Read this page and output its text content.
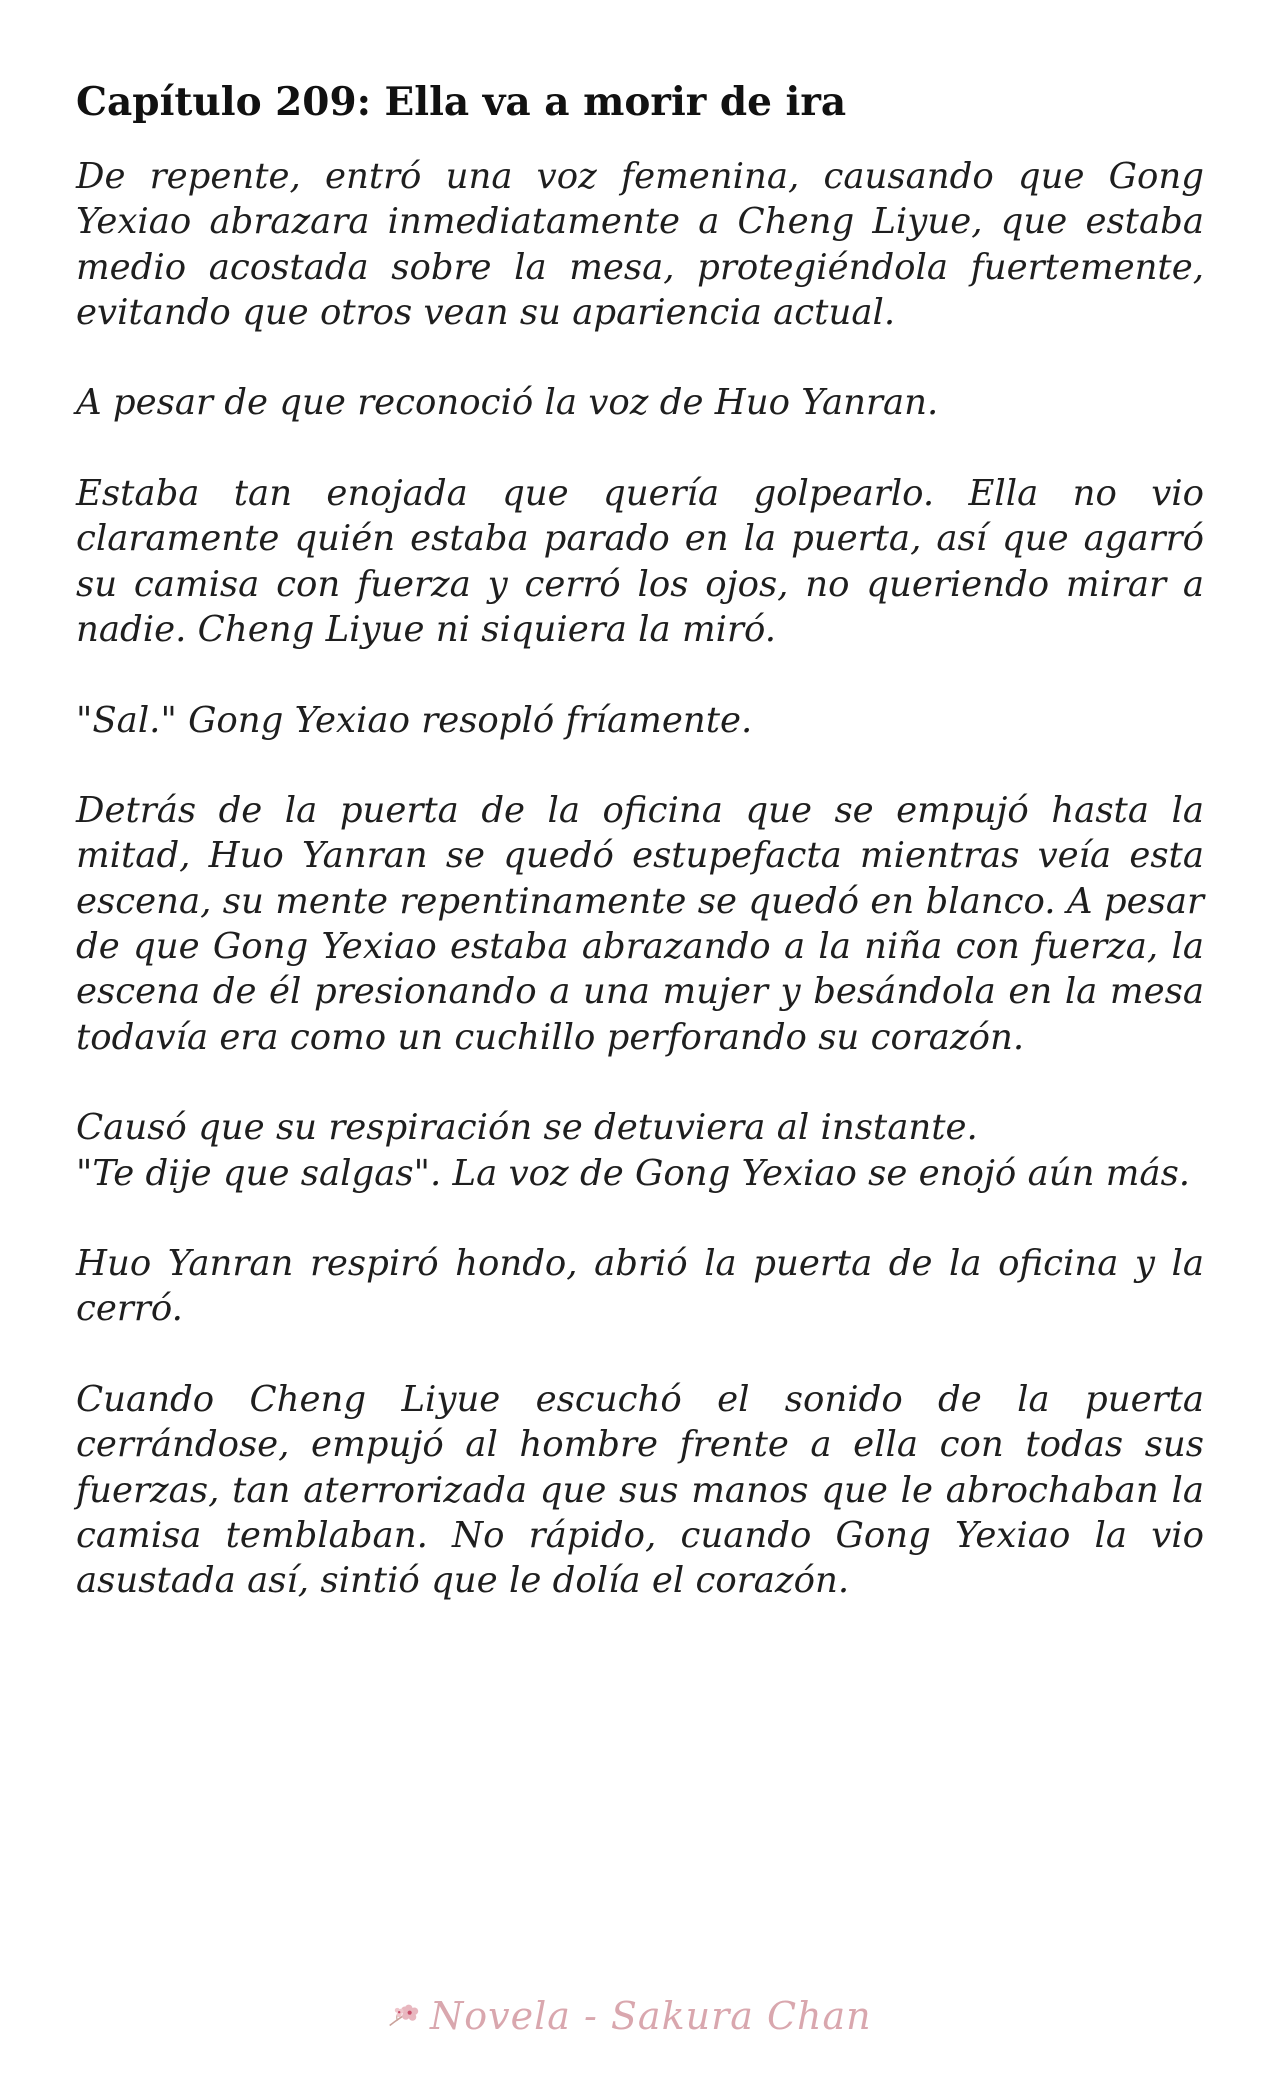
Capítulo 209: Ella va a morir de ira

De repente, entró una voz femenina, causando que Gong Yexiao abrazara inmediatamente a Cheng Liyue, que estaba medio acostada sobre la mesa, protegiéndola fuertemente, evitando que otros vean su apariencia actual.

A pesar de que reconoció la voz de Huo Yanran.

Estaba tan enojada que quería golpearlo. Ella no vio claramente quién estaba parado en la puerta, así que agarró su camisa con fuerza y cerró los ojos, no queriendo mirar a nadie. Cheng Liyue ni siquiera la miró.

"Sal." Gong Yexiao resopló fríamente.

Detrás de la puerta de la oficina que se empujó hasta la mitad, Huo Yanran se quedó estupefacta mientras veía esta escena, su mente repentinamente se quedó en blanco. A pesar de que Gong Yexiao estaba abrazando a la niña con fuerza, la escena de él presionando a una mujer y besándola en la mesa todavía era como un cuchillo perforando su corazón.

Causó que su respiración se detuviera al instante.

"Te dije que salgas". La voz de Gong Yexiao se enojó aún más.

Huo Yanran respiró hondo, abrió la puerta de la oficina y la cerró.

Cuando Cheng Liyue escuchó el sonido de la puerta cerrándose, empujó al hombre frente a ella con todas sus fuerzas, tan aterrorizada que sus manos que le abrochaban la camisa temblaban. No rápido, cuando Gong Yexiao la vio asustada así, sintió que le dolía el corazón.

Novela - Sakura Chan
